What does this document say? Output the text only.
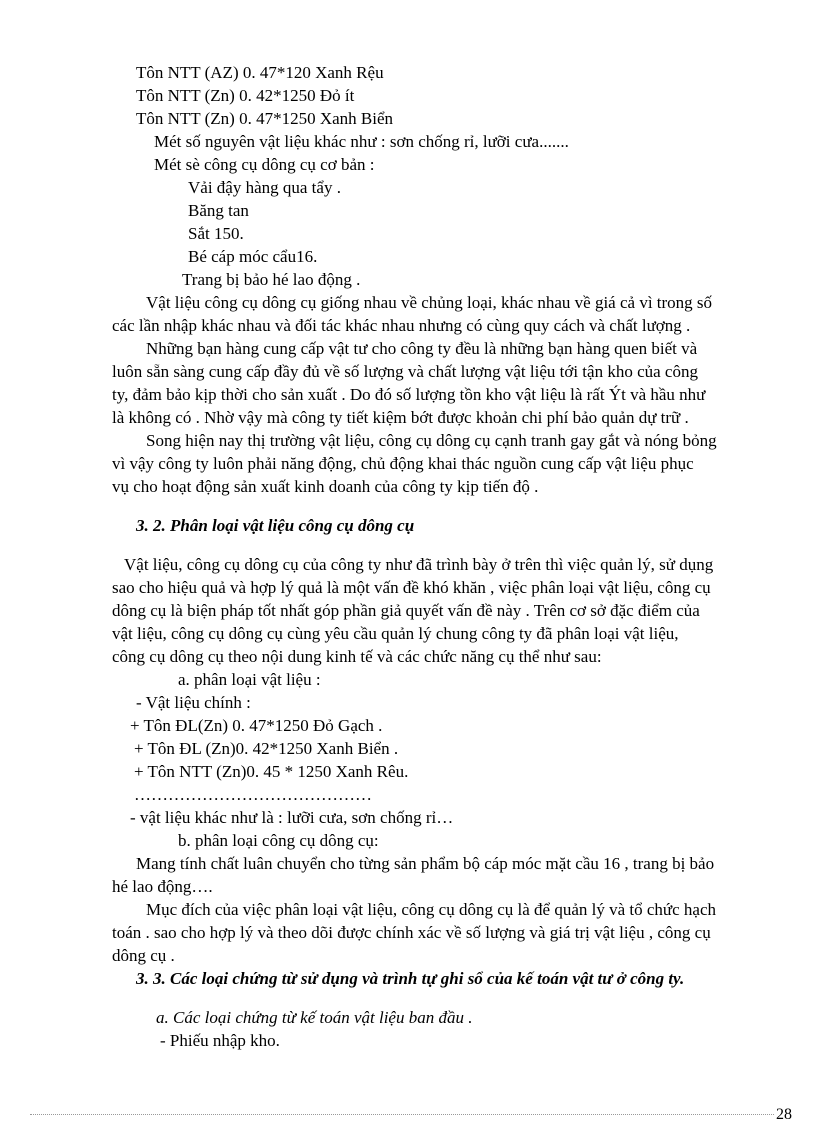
Tôn NTT (AZ) 0. 47*120 Xanh Rệu
Tôn NTT (Zn) 0. 42*1250 Đỏ ít
Tôn NTT (Zn) 0. 47*1250 Xanh Biển
Mét số nguyên vật liệu khác như : sơn chống rỉ, lưỡi cưa.......
Mét sè công cụ dông cụ cơ bản :
Vải đậy hàng qua tẩy .
Băng tan
Sắt 150.
Bé cáp móc cẩu16.
Trang bị bảo hé lao động .
Vật liệu công cụ dông cụ giống nhau về chủng loại, khác nhau về giá cả vì trong số
các lần nhập khác nhau và đối tác khác nhau nhưng có cùng quy cách và chất lượng .
Những bạn hàng cung cấp vật tư cho công ty đều là những bạn hàng quen biết và
luôn sẵn sàng cung cấp đầy đủ về số lượng và chất lượng vật liệu tới tận kho của công
ty, đảm bảo kịp thời cho sản xuất . Do đó số lượng tồn kho vật liệu là rất Ýt và hầu như
là không có . Nhờ vậy mà công ty tiết kiệm bớt được khoản chi phí bảo quản dự trữ .
Song hiện nay thị trường vật liệu, công cụ dông cụ cạnh tranh gay gắt và nóng bỏng
vì vậy công ty luôn phải năng động, chủ động khai thác nguồn cung cấp vật liệu phục
vụ cho hoạt động sản xuất kinh doanh của công ty kịp tiến độ .
3. 2. Phân loại vật liệu công cụ dông cụ
Vật liệu, công cụ dông cụ của công ty như đã trình bày ở trên thì việc quản lý, sử dụng
sao cho hiệu quả và hợp lý quả là một vấn đề khó khăn , việc phân loại vật liệu, công cụ
dông cụ là biện pháp tốt nhất góp phần giả quyết vấn đề này . Trên cơ sở đặc điểm của
vật liệu, công cụ dông cụ cùng yêu cầu quản lý chung công ty đã phân loại vật liệu,
công cụ dông cụ theo nội dung kinh tế và các chức năng cụ thể như sau:
a. phân loại vật liệu :
- Vật liệu chính :
+ Tôn ĐL(Zn) 0. 47*1250 Đỏ Gạch .
+ Tôn ĐL (Zn)0. 42*1250 Xanh Biển .
+ Tôn NTT (Zn)0. 45 * 1250 Xanh Rêu.
……………………………………
- vật liệu khác như là : lưỡi cưa, sơn chống rỉ…
b. phân loại công cụ dông cụ:
Mang tính chất luân chuyển cho từng sản phẩm bộ cáp móc mặt cầu 16 , trang bị bảo
hé lao động….
Mục đích của việc phân loại vật liệu, công cụ dông cụ là để quản lý và tổ chức hạch
toán . sao cho hợp lý và theo dõi được chính xác về số lượng và giá trị vật liệu , công cụ
dông cụ .
3. 3. Các loại chứng từ sử dụng và trình tự ghi sổ của kế toán vật tư ở công ty.
a. Các loại chứng từ kế toán vật liệu ban đầu .
- Phiếu nhập kho.
28
